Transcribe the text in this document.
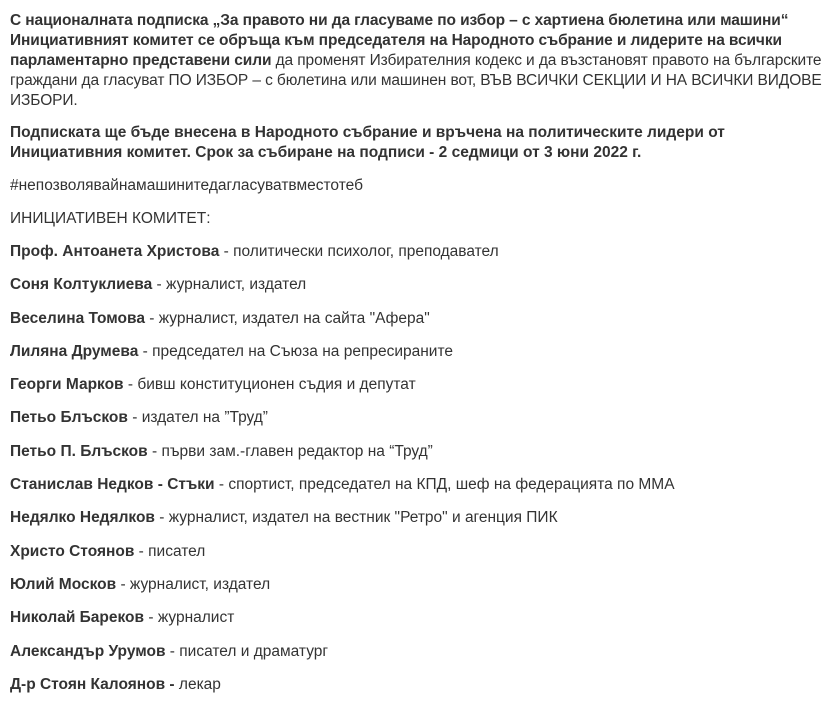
С националната подписка „За правото ни да гласуваме по избор – с хартиена бюлетина или машини“ Инициативният комитет се обръща към председателя на Народното събрание и лидерите на всички парламентарно представени сили да променят Избирателния кодекс и да възстановят правото на българските граждани да гласуват ПО ИЗБОР – с бюлетина или машинен вот, ВЪВ ВСИЧКИ СЕКЦИИ И НА ВСИЧКИ ВИДОВЕ ИЗБОРИ.

Подписката ще бъде внесена в Народното събрание и връчена на политическите лидери от Инициативния комитет. Срок за събиране на подписи - 2 седмици от 3 юни 2022 г.

#непозволявайнамашинитедагласуватвместотеб

ИНИЦИАТИВЕН КОМИТЕТ:

Проф. Антоанета Христова - политически психолог, преподавател
Соня Колтуклиева - журналист, издател
Веселина Томова - журналист, издател на сайта "Афера"
Лиляна Друмева - председател на Съюза на репресираните
Георги Марков - бивш конституционен съдия и депутат
Петьо Блъсков - издател на ”Труд”
Петьо П. Блъсков - първи зам.-главен редактор на “Труд”
Станислав Недков - Стъки - спортист, председател на КПД, шеф на федерацията по ММА
Недялко Недялков - журналист, издател на вестник "Ретро" и агенция ПИК
Христо Стоянов - писател
Юлий Москов - журналист, издател
Николай Бареков - журналист
Александър Урумов - писател и драматург
Д-р Стоян Калоянов - лекар
